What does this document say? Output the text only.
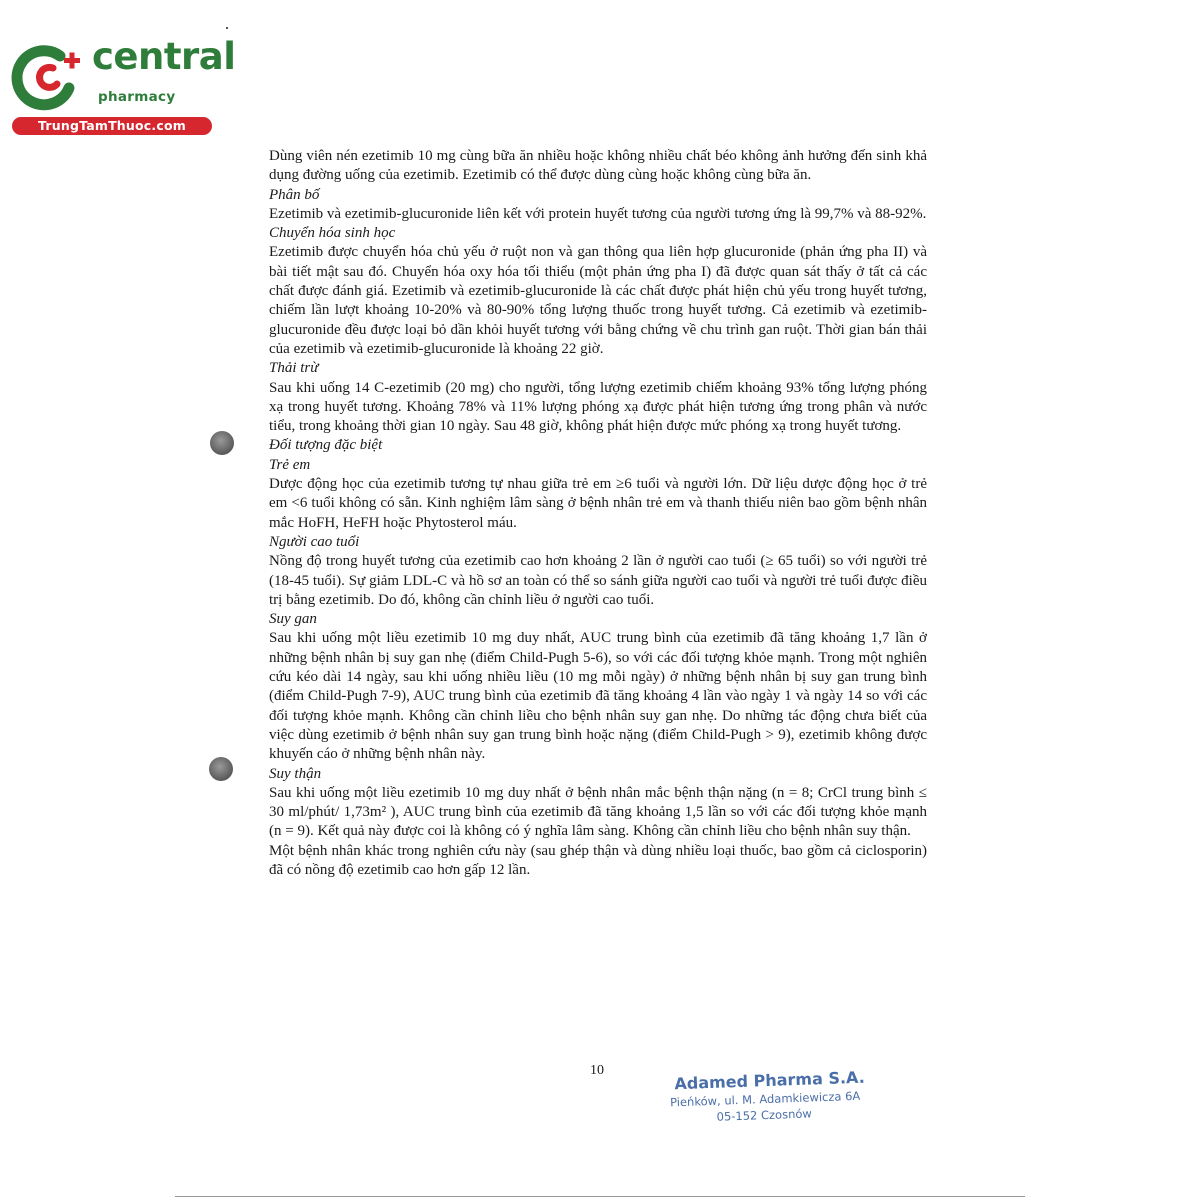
central
pharmacy
TrungTamThuoc.com

Dùng viên nén ezetimib 10 mg cùng bữa ăn nhiều hoặc không nhiều chất béo không ảnh hưởng đến sinh khả dụng đường uống của ezetimib. Ezetimib có thể được dùng cùng hoặc không cùng bữa ăn.

Phân bố

Ezetimib và ezetimib-glucuronide liên kết với protein huyết tương của người tương ứng là 99,7% và 88-92%.

Chuyển hóa sinh học

Ezetimib được chuyển hóa chủ yếu ở ruột non và gan thông qua liên hợp glucuronide (phản ứng pha II) và bài tiết mật sau đó. Chuyển hóa oxy hóa tối thiểu (một phản ứng pha I) đã được quan sát thấy ở tất cả các chất được đánh giá. Ezetimib và ezetimib-glucuronide là các chất được phát hiện chủ yếu trong huyết tương, chiếm lần lượt khoảng 10-20% và 80-90% tổng lượng thuốc trong huyết tương. Cả ezetimib và ezetimib-glucuronide đều được loại bỏ dần khỏi huyết tương với bằng chứng về chu trình gan ruột. Thời gian bán thải của ezetimib và ezetimib-glucuronide là khoảng 22 giờ.

Thải trừ

Sau khi uống 14 C-ezetimib (20 mg) cho người, tổng lượng ezetimib chiếm khoảng 93% tổng lượng phóng xạ trong huyết tương. Khoảng 78% và 11% lượng phóng xạ được phát hiện tương ứng trong phân và nước tiểu, trong khoảng thời gian 10 ngày. Sau 48 giờ, không phát hiện được mức phóng xạ trong huyết tương.

Đối tượng đặc biệt

Trẻ em

Dược động học của ezetimib tương tự nhau giữa trẻ em ≥6 tuổi và người lớn. Dữ liệu dược động học ở trẻ em <6 tuổi không có sẵn. Kinh nghiệm lâm sàng ở bệnh nhân trẻ em và thanh thiếu niên bao gồm bệnh nhân mắc HoFH, HeFH hoặc Phytosterol máu.

Người cao tuổi

Nồng độ trong huyết tương của ezetimib cao hơn khoảng 2 lần ở người cao tuổi (≥ 65 tuổi) so với người trẻ (18-45 tuổi). Sự giảm LDL-C và hồ sơ an toàn có thể so sánh giữa người cao tuổi và người trẻ tuổi được điều trị bằng ezetimib. Do đó, không cần chỉnh liều ở người cao tuổi.

Suy gan

Sau khi uống một liều ezetimib 10 mg duy nhất, AUC trung bình của ezetimib đã tăng khoảng 1,7 lần ở những bệnh nhân bị suy gan nhẹ (điểm Child-Pugh 5-6), so với các đối tượng khỏe mạnh. Trong một nghiên cứu kéo dài 14 ngày, sau khi uống nhiều liều (10 mg mỗi ngày) ở những bệnh nhân bị suy gan trung bình (điểm Child-Pugh 7-9), AUC trung bình của ezetimib đã tăng khoảng 4 lần vào ngày 1 và ngày 14 so với các đối tượng khỏe mạnh. Không cần chỉnh liều cho bệnh nhân suy gan nhẹ. Do những tác động chưa biết của việc dùng ezetimib ở bệnh nhân suy gan trung bình hoặc nặng (điểm Child-Pugh > 9), ezetimib không được khuyến cáo ở những bệnh nhân này.

Suy thận

Sau khi uống một liều ezetimib 10 mg duy nhất ở bệnh nhân mắc bệnh thận nặng (n = 8; CrCl trung bình ≤ 30 ml/phút/ 1,73m² ), AUC trung bình của ezetimib đã tăng khoảng 1,5 lần so với các đối tượng khỏe mạnh (n = 9). Kết quả này được coi là không có ý nghĩa lâm sàng. Không cần chỉnh liều cho bệnh nhân suy thận.

Một bệnh nhân khác trong nghiên cứu này (sau ghép thận và dùng nhiều loại thuốc, bao gồm cả ciclosporin) đã có nồng độ ezetimib cao hơn gấp 12 lần.

10	Adamed Pharma S.A.
Pieńków, ul. M. Adamkiewicza 6A
05-152 Czosnów
